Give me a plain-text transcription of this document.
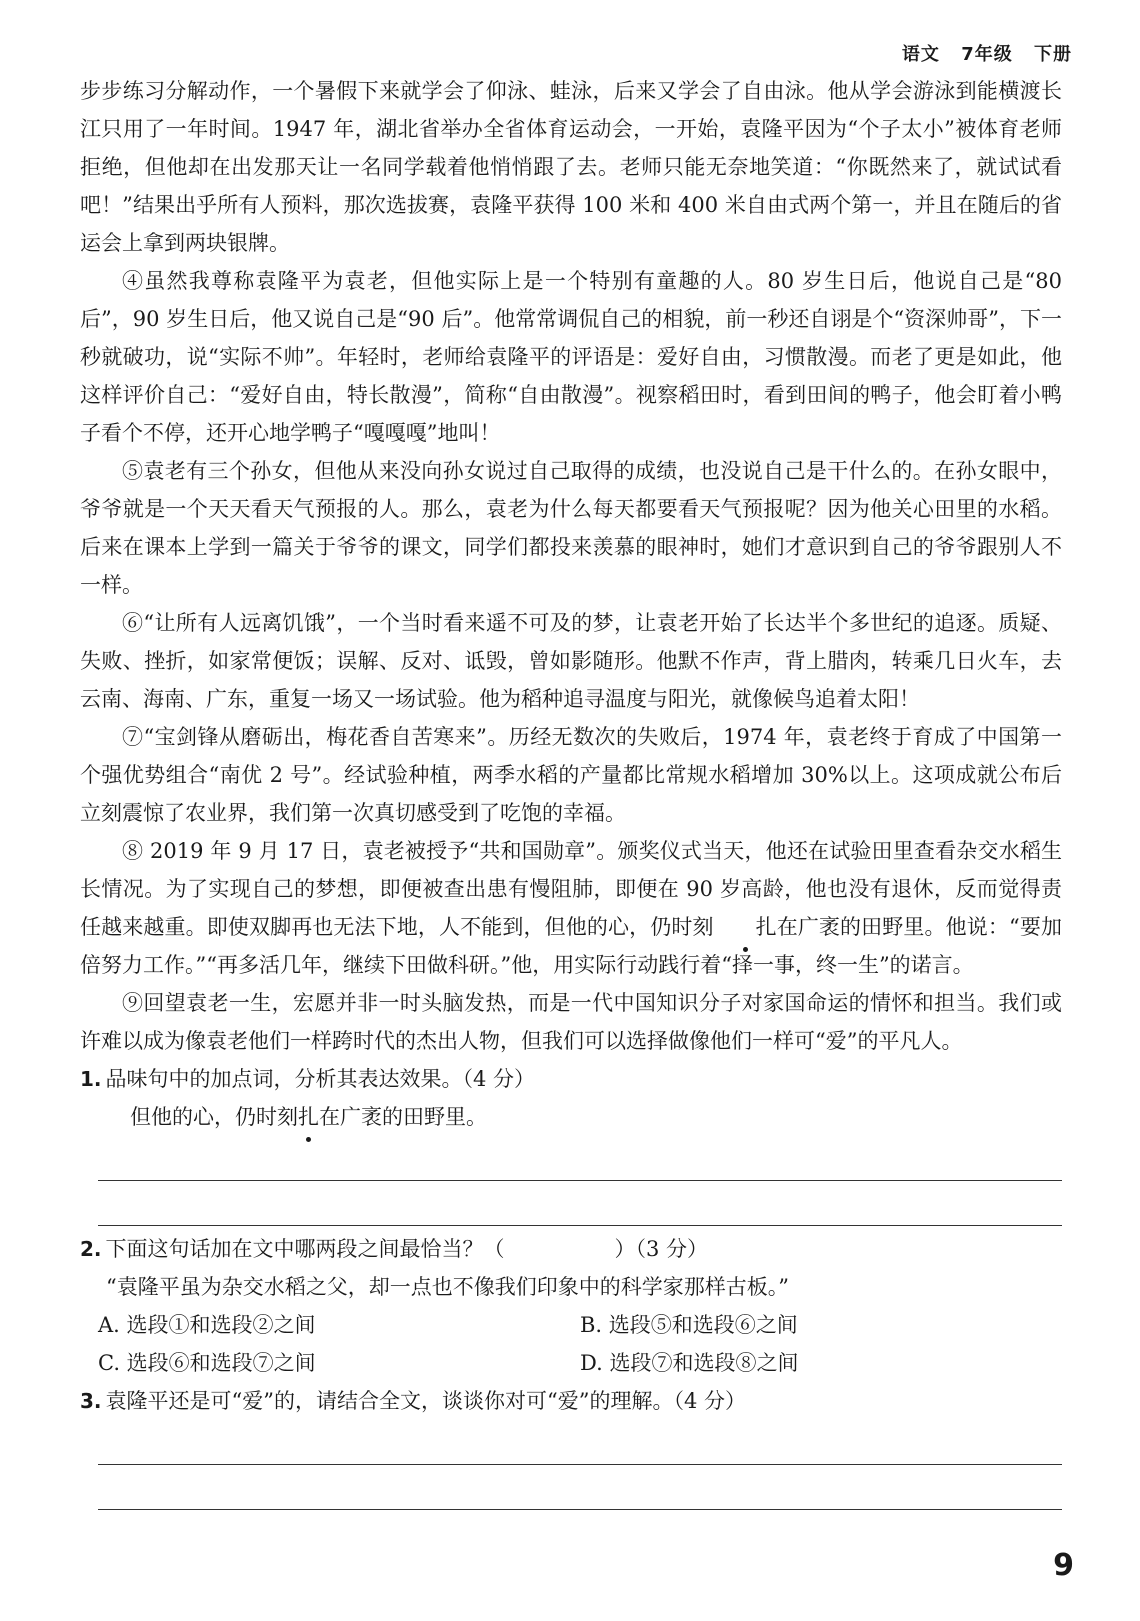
语文 7年级 下册

步步练习分解动作，一个暑假下来就学会了仰泳、蛙泳，后来又学会了自由泳。他从学会游泳到能横渡长江只用了一年时间。1947 年，湖北省举办全省体育运动会，一开始，袁隆平因为“个子太小”被体育老师拒绝，但他却在出发那天让一名同学载着他悄悄跟了去。老师只能无奈地笑道：“你既然来了，就试试看吧！”结果出乎所有人预料，那次选拔赛，袁隆平获得 100 米和 400 米自由式两个第一，并且在随后的省运会上拿到两块银牌。

④虽然我尊称袁隆平为袁老，但他实际上是一个特别有童趣的人。80 岁生日后，他说自己是“80 后”，90 岁生日后，他又说自己是“90 后”。他常常调侃自己的相貌，前一秒还自诩是个“资深帅哥”，下一秒就破功，说“实际不帅”。年轻时，老师给袁隆平的评语是：爱好自由，习惯散漫。而老了更是如此，他这样评价自己：“爱好自由，特长散漫”，简称“自由散漫”。视察稻田时，看到田间的鸭子，他会盯着小鸭子看个不停，还开心地学鸭子“嘎嘎嘎”地叫！

⑤袁老有三个孙女，但他从来没向孙女说过自己取得的成绩，也没说自己是干什么的。在孙女眼中，爷爷就是一个天天看天气预报的人。那么，袁老为什么每天都要看天气预报呢？因为他关心田里的水稻。后来在课本上学到一篇关于爷爷的课文，同学们都投来羡慕的眼神时，她们才意识到自己的爷爷跟别人不一样。

⑥“让所有人远离饥饿”，一个当时看来遥不可及的梦，让袁老开始了长达半个多世纪的追逐。质疑、失败、挫折，如家常便饭；误解、反对、诋毁，曾如影随形。他默不作声，背上腊肉，转乘几日火车，去云南、海南、广东，重复一场又一场试验。他为稻种追寻温度与阳光，就像候鸟追着太阳！

⑦“宝剑锋从磨砺出，梅花香自苦寒来”。历经无数次的失败后，1974 年，袁老终于育成了中国第一个强优势组合“南优 2 号”。经试验种植，两季水稻的产量都比常规水稻增加 30%以上。这项成就公布后立刻震惊了农业界，我们第一次真切感受到了吃饱的幸福。

⑧ 2019 年 9 月 17 日，袁老被授予“共和国勋章”。颁奖仪式当天，他还在试验田里查看杂交水稻生长情况。为了实现自己的梦想，即便被查出患有慢阻肺，即便在 90 岁高龄，他也没有退休，反而觉得责任越来越重。即使双脚再也无法下地，人不能到，但他的心，仍时刻 扎在广袤的田野里。他说：“要加倍努力工作。”“再多活几年，继续下田做科研。”他，用实际行动践行着“择一事，终一生”的诺言。

⑨回望袁老一生，宏愿并非一时头脑发热，而是一代中国知识分子对家国命运的情怀和担当。我们或许难以成为像袁老他们一样跨时代的杰出人物，但我们可以选择做像他们一样可“爱”的平凡人。

1. 品味句中的加点词，分析其表达效果。（4 分）

但他的心，仍时刻扎在广袤的田野里。

2. 下面这句话加在文中哪两段之间最恰当？（	）（3 分）

“袁隆平虽为杂交水稻之父，却一点也不像我们印象中的科学家那样古板。”

A. 选段①和选段②之间	B. 选段⑤和选段⑥之间
C. 选段⑥和选段⑦之间	D. 选段⑦和选段⑧之间

3. 袁隆平还是可“爱”的，请结合全文，谈谈你对可“爱”的理解。（4 分）

9
